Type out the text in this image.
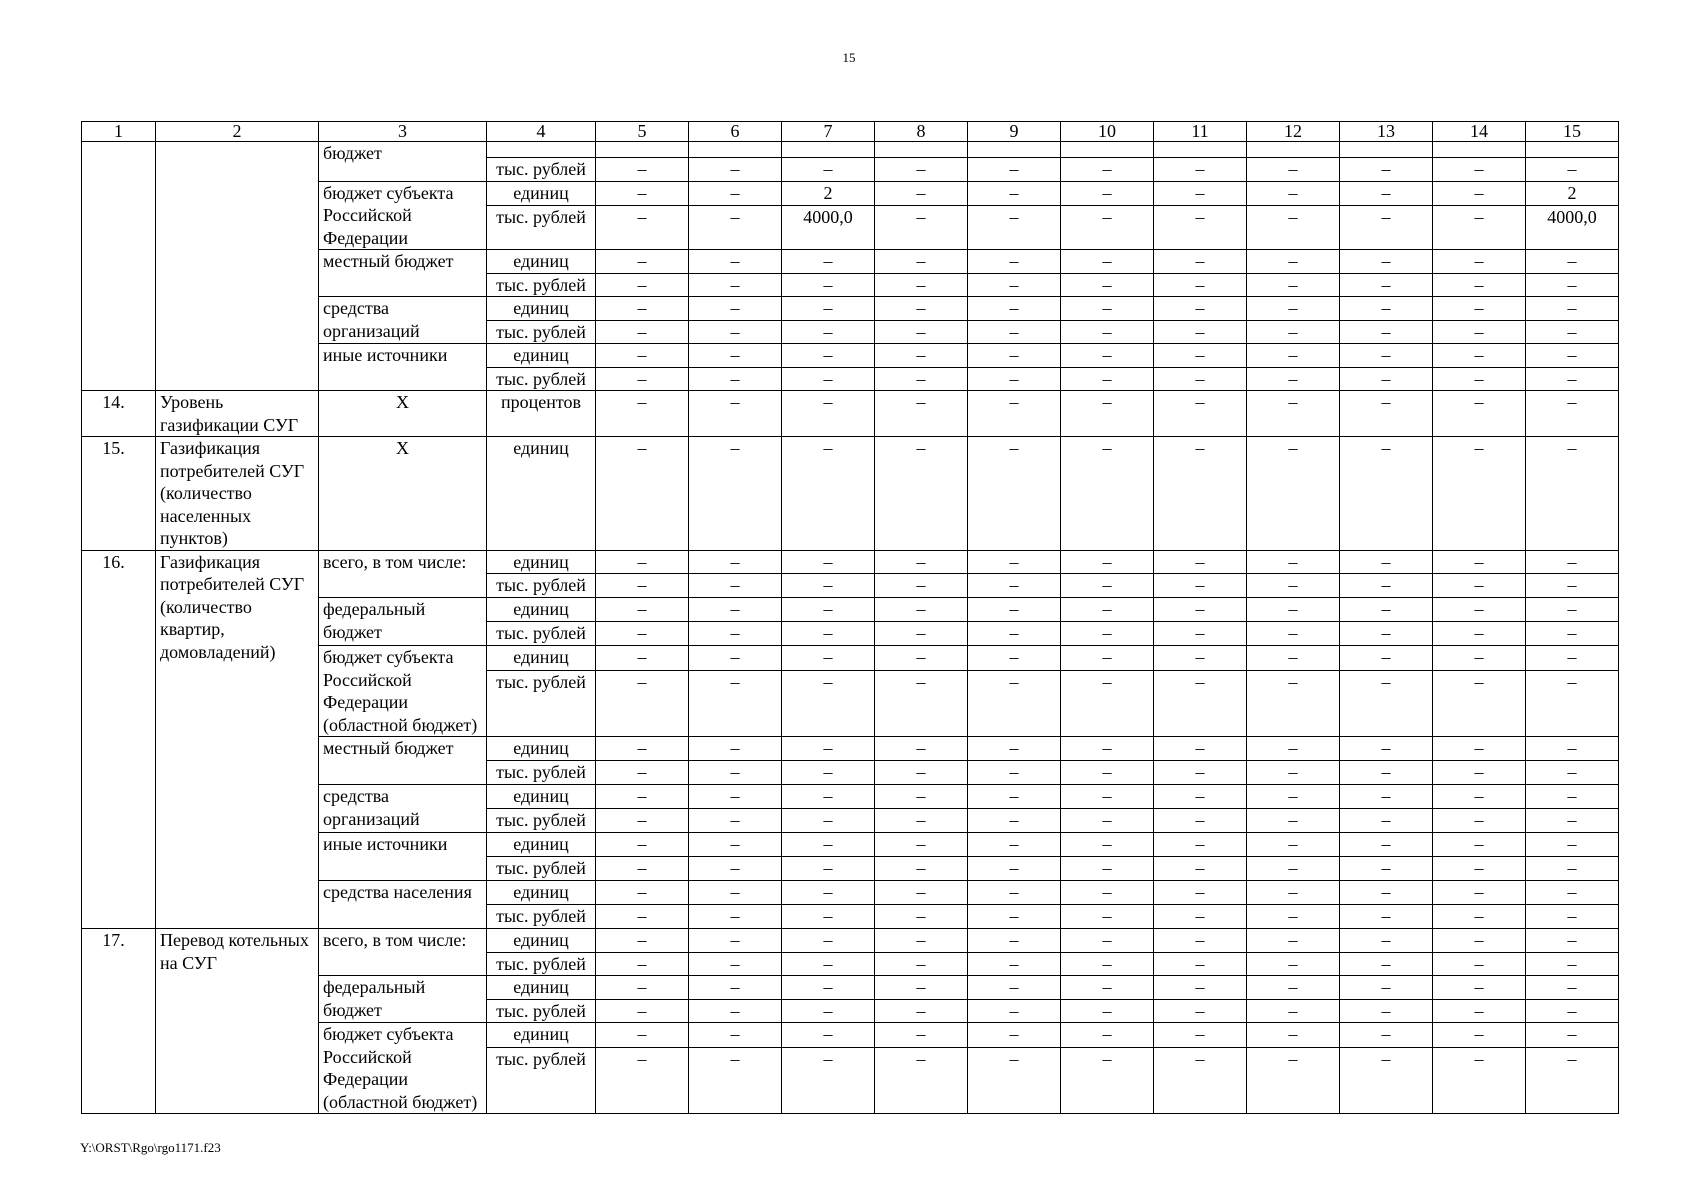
15
1	2	3	4	5	6	7	8	9	10	11	12	13	14	15
		бюджет												
			тыс. рублей	–	–	–	–	–	–	–	–	–	–	–
		бюджет субъекта Российской Федерации	единиц	–	–	2	–	–	–	–	–	–	–	2
			тыс. рублей	–	–	4000,0	–	–	–	–	–	–	–	4000,0
		местный бюджет	единиц	–	–	–	–	–	–	–	–	–	–	–
			тыс. рублей	–	–	–	–	–	–	–	–	–	–	–
		средства организаций	единиц	–	–	–	–	–	–	–	–	–	–	–
			тыс. рублей	–	–	–	–	–	–	–	–	–	–	–
		иные источники	единиц	–	–	–	–	–	–	–	–	–	–	–
			тыс. рублей	–	–	–	–	–	–	–	–	–	–	–
14.	Уровень газификации СУГ	Х	процентов	–	–	–	–	–	–	–	–	–	–	–
15.	Газификация потребителей СУГ (количество населенных пунктов)	Х	единиц	–	–	–	–	–	–	–	–	–	–	–
16.	Газификация потребителей СУГ (количество квартир, домовладений)	всего, в том числе:	единиц	–	–	–	–	–	–	–	–	–	–	–
			тыс. рублей	–	–	–	–	–	–	–	–	–	–	–
		федеральный бюджет	единиц	–	–	–	–	–	–	–	–	–	–	–
			тыс. рублей	–	–	–	–	–	–	–	–	–	–	–
		бюджет субъекта Российской Федерации (областной бюджет)	единиц	–	–	–	–	–	–	–	–	–	–	–
			тыс. рублей	–	–	–	–	–	–	–	–	–	–	–
		местный бюджет	единиц	–	–	–	–	–	–	–	–	–	–	–
			тыс. рублей	–	–	–	–	–	–	–	–	–	–	–
		средства организаций	единиц	–	–	–	–	–	–	–	–	–	–	–
			тыс. рублей	–	–	–	–	–	–	–	–	–	–	–
		иные источники	единиц	–	–	–	–	–	–	–	–	–	–	–
			тыс. рублей	–	–	–	–	–	–	–	–	–	–	–
		средства населения	единиц	–	–	–	–	–	–	–	–	–	–	–
			тыс. рублей	–	–	–	–	–	–	–	–	–	–	–
17.	Перевод котельных на СУГ	всего, в том числе:	единиц	–	–	–	–	–	–	–	–	–	–	–
			тыс. рублей	–	–	–	–	–	–	–	–	–	–	–
		федеральный бюджет	единиц	–	–	–	–	–	–	–	–	–	–	–
			тыс. рублей	–	–	–	–	–	–	–	–	–	–	–
		бюджет субъекта Российской Федерации (областной бюджет)	единиц	–	–	–	–	–	–	–	–	–	–	–
			тыс. рублей	–	–	–	–	–	–	–	–	–	–	–
Y:\ORST\Rgo\rgo1171.f23
